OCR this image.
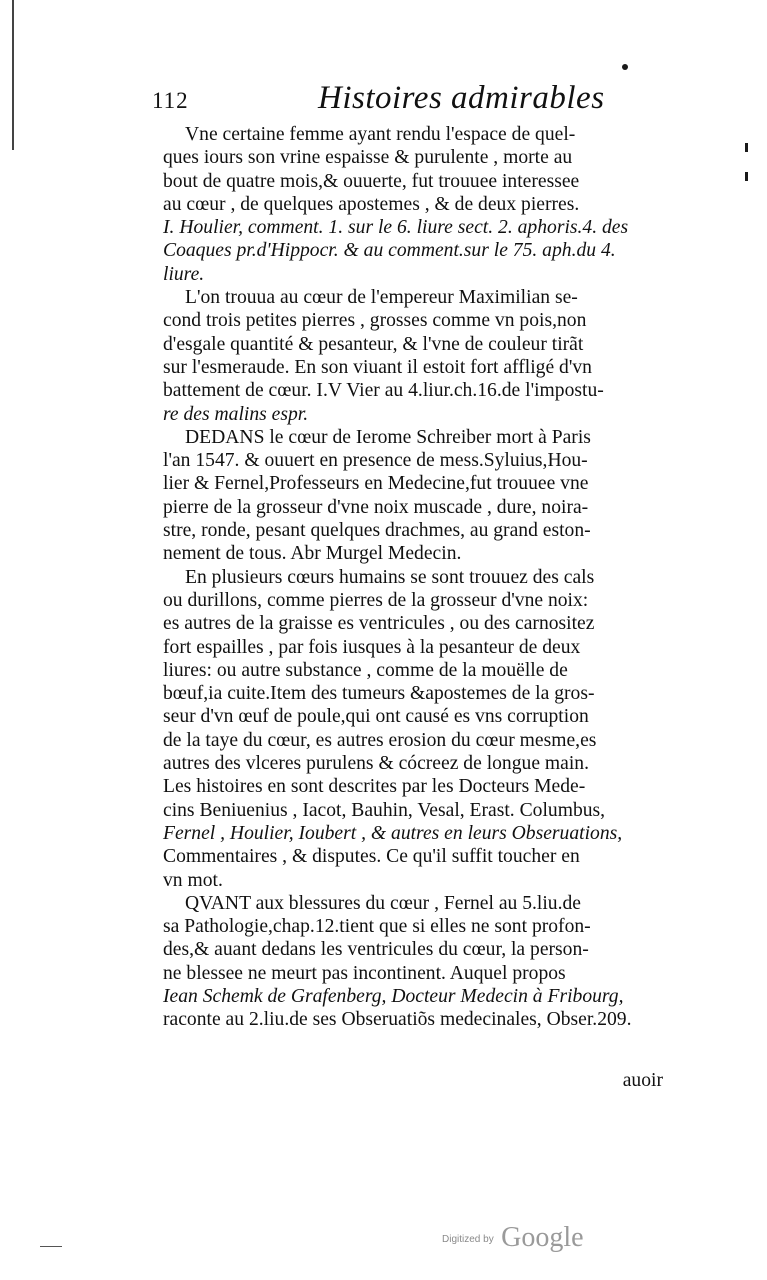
112	Histoires admirables
Vne certaine femme ayant rendu l'espace de quel-
ques iours son vrine espaisse & purulente , morte au
bout de quatre mois,& ouuerte, fut trouuee interessee
au cœur , de quelques apostemes , & de deux pierres.
I. Houlier, comment. 1. sur le 6. liure sect. 2. aphoris.4. des
Coaques pr.d'Hippocr. & au comment.sur le 75. aph.du 4.
liure.
L'on trouua au cœur de l'empereur Maximilian se-
cond trois petites pierres , grosses comme vn pois,non
d'esgale quantité & pesanteur, & l'vne de couleur tirãt
sur l'esmeraude. En son viuant il estoit fort affligé d'vn
battement de cœur. I.V Vier au 4.liur.ch.16.de l'impostu-
re des malins espr.
DEDANS le cœur de Ierome Schreiber mort à Paris
l'an 1547. & ouuert en presence de mess.Syluius,Hou-
lier & Fernel,Professeurs en Medecine,fut trouuee vne
pierre de la grosseur d'vne noix muscade , dure, noira-
stre, ronde, pesant quelques drachmes, au grand eston-
nement de tous. Abr Murgel Medecin.
En plusieurs cœurs humains se sont trouuez des cals
ou durillons, comme pierres de la grosseur d'vne noix:
es autres de la graisse es ventricules , ou des carnositez
fort espailles , par fois iusques à la pesanteur de deux
liures: ou autre substance , comme de la mouëlle de
bœuf,ia cuite.Item des tumeurs &apostemes de la gros-
seur d'vn œuf de poule,qui ont causé es vns corruption
de la taye du cœur, es autres erosion du cœur mesme,es
autres des vlceres purulens & cócreez de longue main.
Les histoires en sont descrites par les Docteurs Mede-
cins Beniuenius , Iacot, Bauhin, Vesal, Erast. Columbus,
Fernel , Houlier, Ioubert , & autres en leurs Obseruations,
Commentaires , & disputes. Ce qu'il suffit toucher en
vn mot.
QVANT aux blessures du cœur , Fernel au 5.liu.de
sa Pathologie,chap.12.tient que si elles ne sont profon-
des,& auant dedans les ventricules du cœur, la person-
ne blessee ne meurt pas incontinent. Auquel propos
Iean Schemk de Grafenberg, Docteur Medecin à Fribourg,
raconte au 2.liu.de ses Obseruatiõs medecinales, Obser.209.
auoir
$^{Digitized by}$ Google
